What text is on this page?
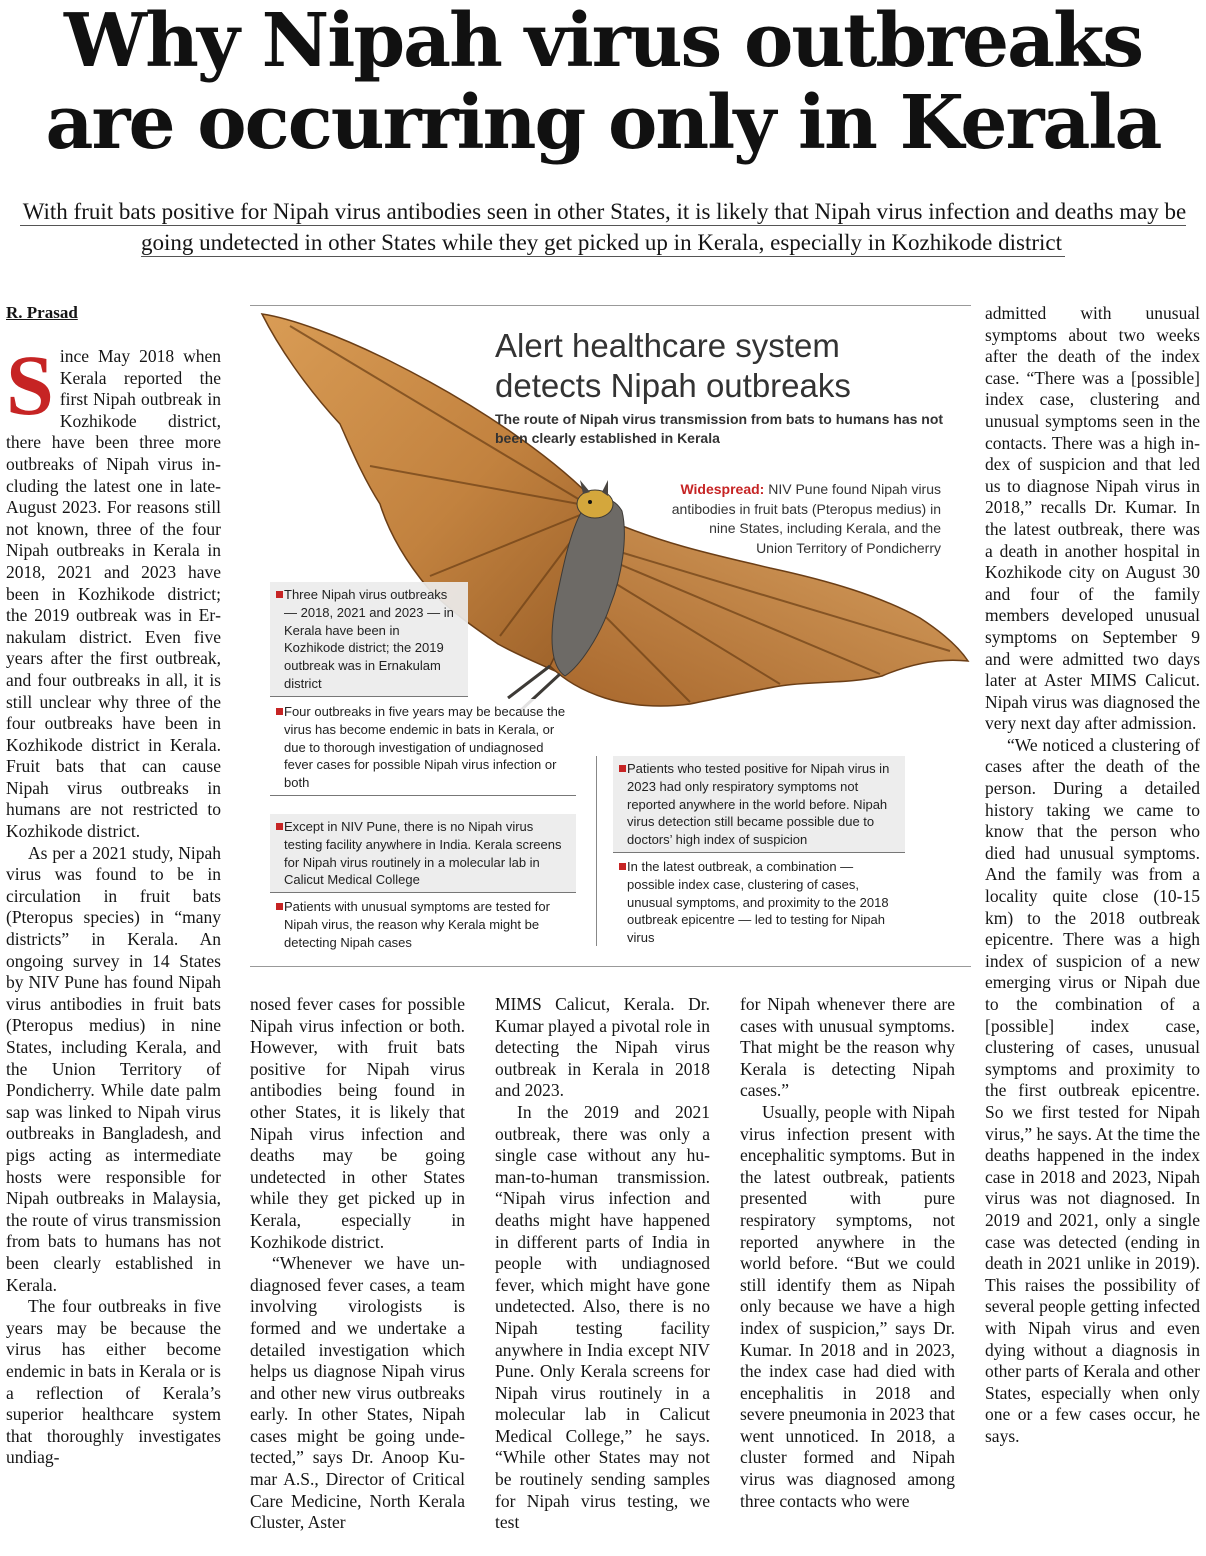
Why Nipah virus outbreaks are occurring only in Kerala
With fruit bats positive for Nipah virus antibodies seen in other States, it is likely that Nipah virus infection and deaths may be going undetected in other States while they get picked up in Kerala, especially in Kozhikode district
R. Prasad

Since May 2018 when Kerala reported the first Nipah outbreak in Kozhikode district, there have been three more outbreaks of Nipah virus including the latest one in late-August 2023. For reasons still not known, three of the four Nipah outbreaks in Kerala in 2018, 2021 and 2023 have been in Kozhikode district; the 2019 outbreak was in Ernakulam district. Even five years after the first outbreak, and four outbreaks in all, it is still unclear why three of the four outbreaks have been in Kozhikode district in Kerala. Fruit bats that can cause Nipah virus outbreaks in humans are not restricted to Kozhikode district.

As per a 2021 study, Nipah virus was found to be in circulation in fruit bats (Pteropus species) in “many districts” in Kerala. An ongoing survey in 14 States by NIV Pune has found Nipah virus antibodies in fruit bats (Pteropus medius) in nine States, including Kerala, and the Union Territory of Pondicherry. While date palm sap was linked to Nipah virus outbreaks in Bangladesh, and pigs acting as intermediate hosts were responsible for Nipah outbreaks in Malaysia, the route of virus transmission from bats to humans has not been clearly established in Kerala.

The four outbreaks in five years may be because the virus has either become endemic in bats in Kerala or is a reflection of Kerala’s superior healthcare system that thoroughly investigates undiag-

Alert healthcare system
detects Nipah outbreaks
The route of Nipah virus transmission from bats to humans has not been clearly established in Kerala
Widespread: NIV Pune found Nipah virus antibodies in fruit bats (Pteropus medius) in nine States, including Kerala, and the Union Territory of Pondicherry
Three Nipah virus outbreaks — 2018, 2021 and 2023 — in Kerala have been in Kozhikode district; the 2019 outbreak was in Ernakulam district
Four outbreaks in five years may be because the virus has become endemic in bats in Kerala, or due to thorough investigation of undiagnosed fever cases for possible Nipah virus infection or both
Except in NIV Pune, there is no Nipah virus testing facility anywhere in India. Kerala screens for Nipah virus routinely in a molecular lab in Calicut Medical College
Patients with unusual symptoms are tested for Nipah virus, the reason why Kerala might be detecting Nipah cases
Patients who tested positive for Nipah virus in 2023 had only respiratory symptoms not reported anywhere in the world before. Nipah virus detection still became possible due to doctors’ high index of suspicion
In the latest outbreak, a combination — possible index case, clustering of cases, unusual symptoms, and proximity to the 2018 outbreak epicentre — led to testing for Nipah virus

nosed fever cases for possible Nipah virus infection or both. However, with fruit bats positive for Nipah virus antibodies being found in other States, it is likely that Nipah virus infection and deaths may be going undetected in other States while they get picked up in Kerala, especially in Kozhikode district.

“Whenever we have undiagnosed fever cases, a team involving virologists is formed and we undertake a detailed investigation which helps us diagnose Nipah virus and other new virus outbreaks early. In other States, Nipah cases might be going undetected,” says Dr. Anoop Kumar A.S., Director of Critical Care Medicine, North Kerala Cluster, Aster

MIMS Calicut, Kerala. Dr. Kumar played a pivotal role in detecting the Nipah virus outbreak in Kerala in 2018 and 2023.

In the 2019 and 2021 outbreak, there was only a single case without any human-to-human transmission. “Nipah virus infection and deaths might have happened in different parts of India in people with undiagnosed fever, which might have gone undetected. Also, there is no Nipah testing facility anywhere in India except NIV Pune. Only Kerala screens for Nipah virus routinely in a molecular lab in Calicut Medical College,” he says. “While other States may not be routinely sending samples for Nipah virus testing, we test

for Nipah whenever there are cases with unusual symptoms. That might be the reason why Kerala is detecting Nipah cases.”

Usually, people with Nipah virus infection present with encephalitic symptoms. But in the latest outbreak, patients presented with pure respiratory symptoms, not reported anywhere in the world before. “But we could still identify them as Nipah only because we have a high index of suspicion,” says Dr. Kumar. In 2018 and in 2023, the index case had died with encephalitis in 2018 and severe pneumonia in 2023 that went unnoticed. In 2018, a cluster formed and Nipah virus was diagnosed among three contacts who were

admitted with unusual symptoms about two weeks after the death of the index case. “There was a [possible] index case, clustering and unusual symptoms seen in the contacts. There was a high index of suspicion and that led us to diagnose Nipah virus in 2018,” recalls Dr. Kumar. In the latest outbreak, there was a death in another hospital in Kozhikode city on August 30 and four of the family members developed unusual symptoms on September 9 and were admitted two days later at Aster MIMS Calicut. Nipah virus was diagnosed the very next day after admission.

“We noticed a clustering of cases after the death of the person. During a detailed history taking we came to know that the person who died had unusual symptoms. And the family was from a locality quite close (10-15 km) to the 2018 outbreak epicentre. There was a high index of suspicion of a new emerging virus or Nipah due to the combination of a [possible] index case, clustering of cases, unusual symptoms and proximity to the first outbreak epicentre. So we first tested for Nipah virus,” he says. At the time the deaths happened in the index case in 2018 and 2023, Nipah virus was not diagnosed. In 2019 and 2021, only a single case was detected (ending in death in 2021 unlike in 2019). This raises the possibility of several people getting infected with Nipah virus and even dying without a diagnosis in other parts of Kerala and other States, especially when only one or a few cases occur, he says.
